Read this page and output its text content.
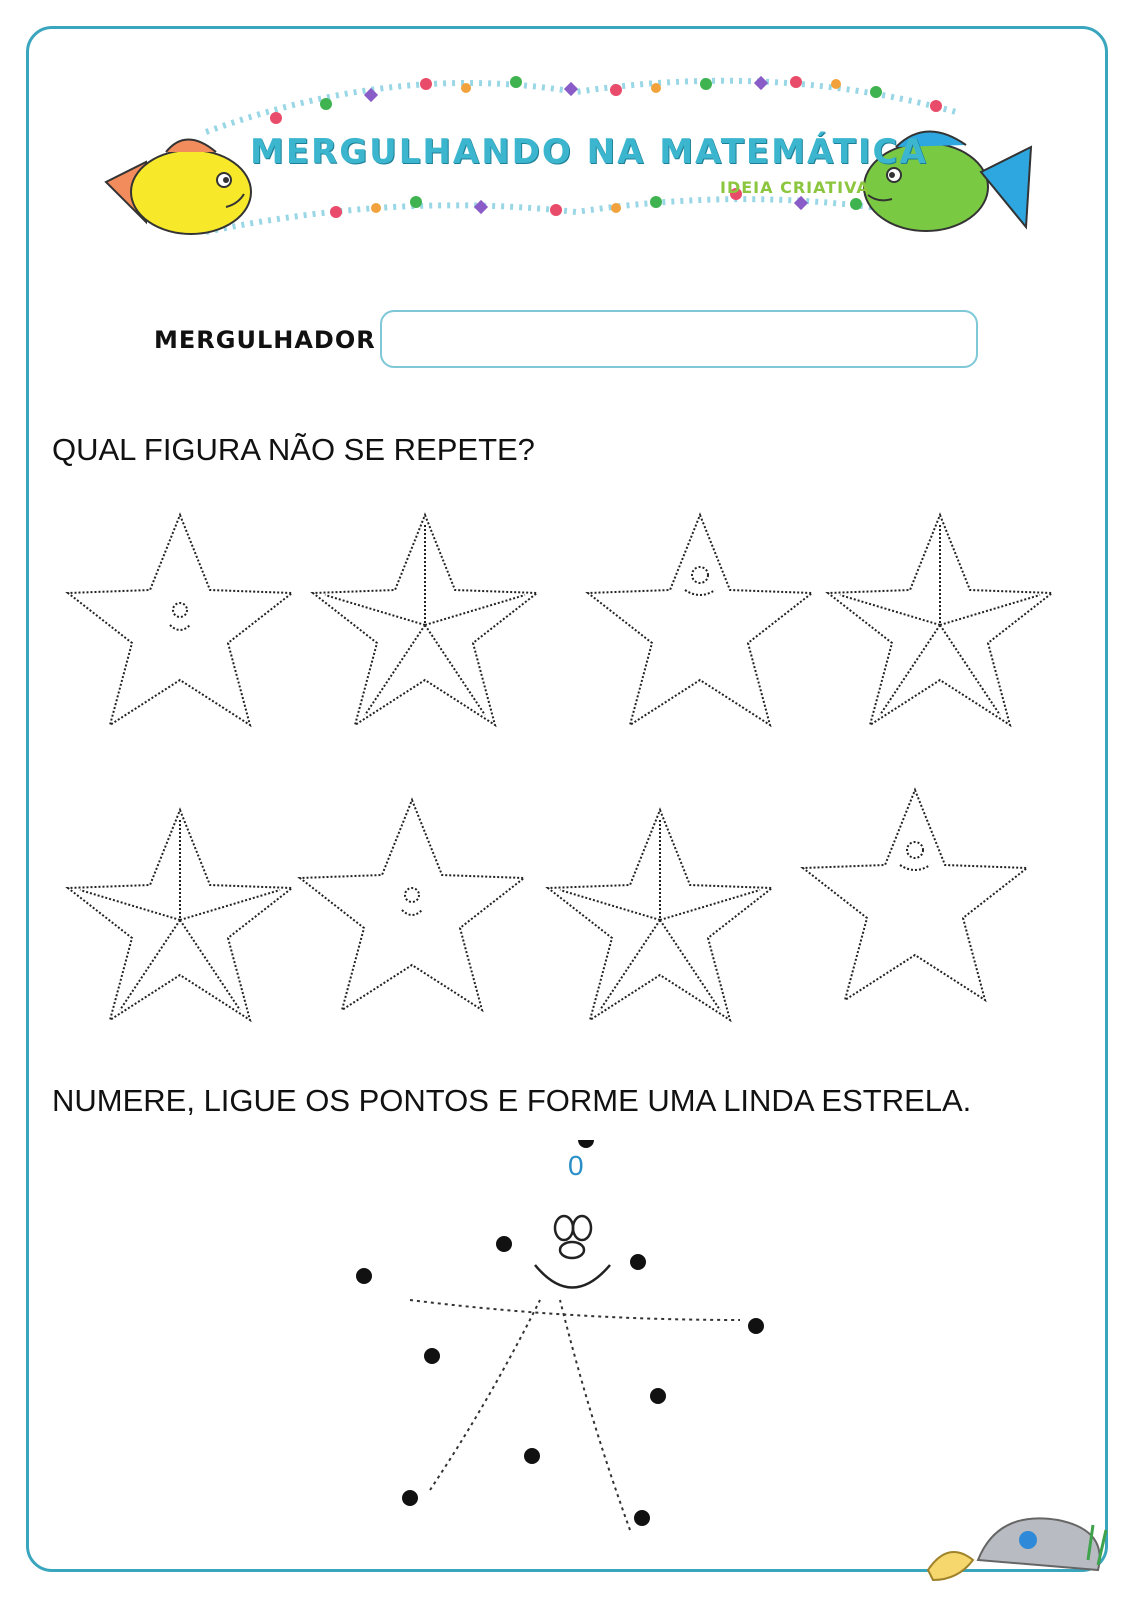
MERGULHANDO NA MATEMÁTICA
IDEIA CRIATIVA
MERGULHADOR
QUAL FIGURA NÃO SE REPETE?
NUMERE, LIGUE OS PONTOS E FORME UMA LINDA ESTRELA.
0
